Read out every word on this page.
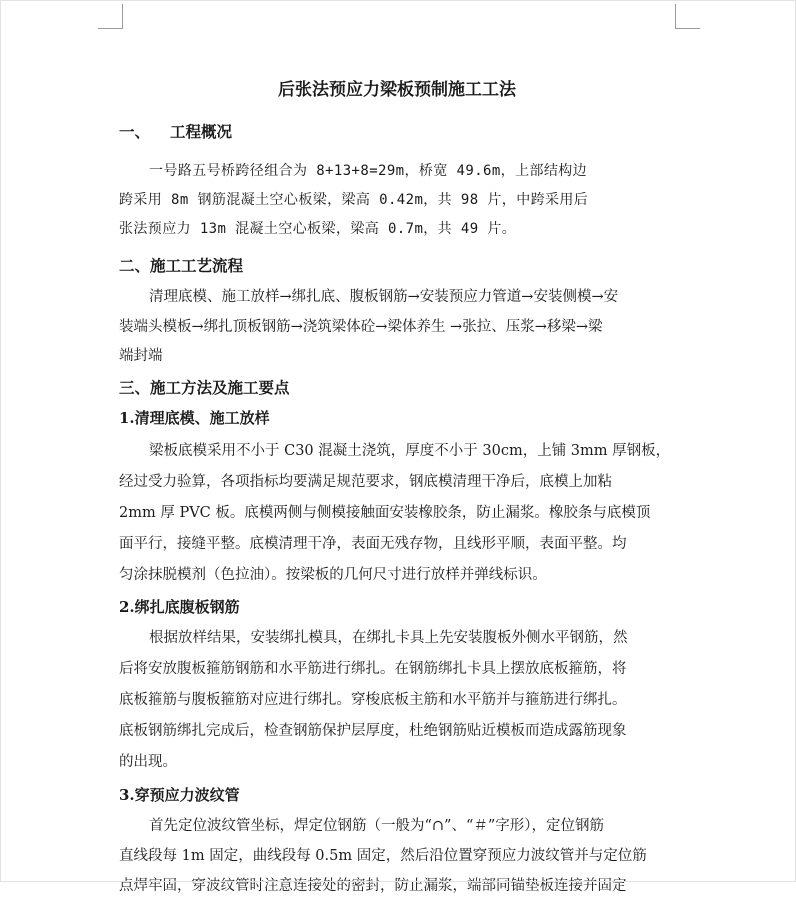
后张法预应力梁板预制施工工法
一、 工程概况
一号路五号桥跨径组合为 8+13+8=29m，桥宽 49.6m，上部结构边
跨采用 8m 钢筋混凝土空心板梁，梁高 0.42m，共 98 片，中跨采用后
张法预应力 13m 混凝土空心板梁，梁高 0.7m，共 49 片。
二、施工工艺流程
清理底模、施工放样→绑扎底、腹板钢筋→安装预应力管道→安装侧模→安
装端头模板→绑扎顶板钢筋→浇筑梁体砼→梁体养生 →张拉、压浆→移梁→梁
端封端
三、施工方法及施工要点
1.清理底模、施工放样
梁板底模采用不小于 C30 混凝土浇筑，厚度不小于 30cm，上铺 3mm 厚钢板，
经过受力验算，各项指标均要满足规范要求，钢底模清理干净后，底模上加粘
2mm 厚 PVC 板。底模两侧与侧模接触面安装橡胶条，防止漏浆。橡胶条与底模顶
面平行，接缝平整。底模清理干净，表面无残存物，且线形平顺，表面平整。均
匀涂抹脱模剂（色拉油）。按梁板的几何尺寸进行放样并弹线标识。
2.绑扎底腹板钢筋
根据放样结果，安装绑扎模具，在绑扎卡具上先安装腹板外侧水平钢筋，然
后将安放腹板箍筋钢筋和水平筋进行绑扎。在钢筋绑扎卡具上摆放底板箍筋，将
底板箍筋与腹板箍筋对应进行绑扎。穿梭底板主筋和水平筋并与箍筋进行绑扎。
底板钢筋绑扎完成后，检查钢筋保护层厚度，杜绝钢筋贴近模板而造成露筋现象
的出现。
3.穿预应力波纹管
首先定位波纹管坐标，焊定位钢筋（一般为“∩”、“＃”字形），定位钢筋
直线段每 1m 固定，曲线段每 0.5m 固定，然后沿位置穿预应力波纹管并与定位筋
点焊牢固，穿波纹管时注意连接处的密封，防止漏浆，端部同锚垫板连接并固定
